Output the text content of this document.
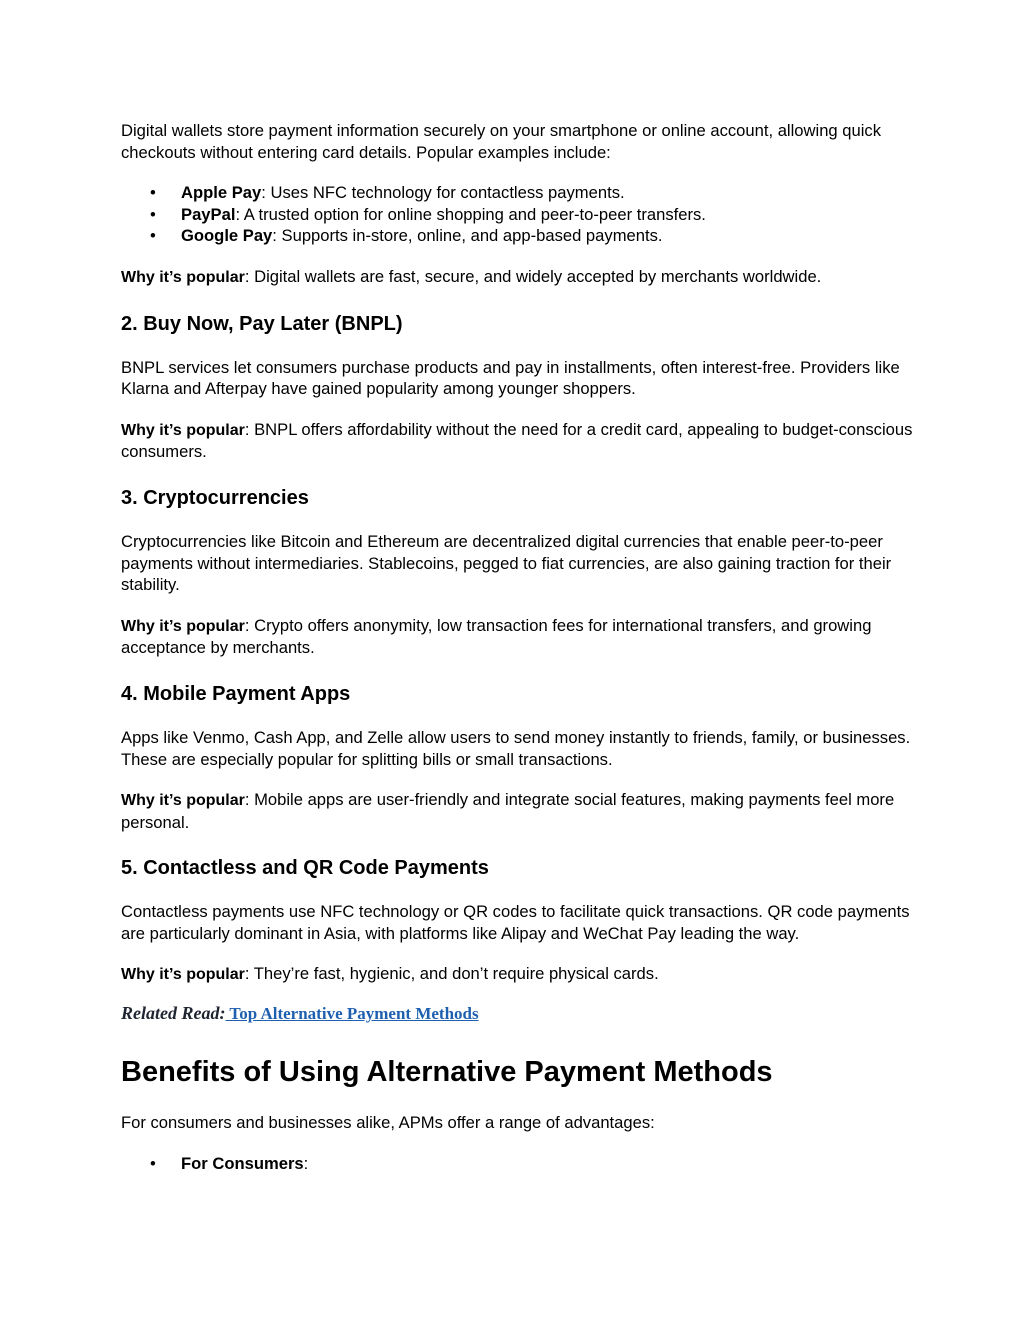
Digital wallets store payment information securely on your smartphone or online account, allowing quick checkouts without entering card details. Popular examples include:

• Apple Pay: Uses NFC technology for contactless payments.
• PayPal: A trusted option for online shopping and peer-to-peer transfers.
• Google Pay: Supports in-store, online, and app-based payments.

Why it’s popular: Digital wallets are fast, secure, and widely accepted by merchants worldwide.

2. Buy Now, Pay Later (BNPL)

BNPL services let consumers purchase products and pay in installments, often interest-free. Providers like Klarna and Afterpay have gained popularity among younger shoppers.

Why it’s popular: BNPL offers affordability without the need for a credit card, appealing to budget-conscious consumers.

3. Cryptocurrencies

Cryptocurrencies like Bitcoin and Ethereum are decentralized digital currencies that enable peer-to-peer payments without intermediaries. Stablecoins, pegged to fiat currencies, are also gaining traction for their stability.

Why it’s popular: Crypto offers anonymity, low transaction fees for international transfers, and growing acceptance by merchants.

4. Mobile Payment Apps

Apps like Venmo, Cash App, and Zelle allow users to send money instantly to friends, family, or businesses. These are especially popular for splitting bills or small transactions.

Why it’s popular: Mobile apps are user-friendly and integrate social features, making payments feel more personal.

5. Contactless and QR Code Payments

Contactless payments use NFC technology or QR codes to facilitate quick transactions. QR code payments are particularly dominant in Asia, with platforms like Alipay and WeChat Pay leading the way.

Why it’s popular: They’re fast, hygienic, and don’t require physical cards.

Related Read: Top Alternative Payment Methods

Benefits of Using Alternative Payment Methods

For consumers and businesses alike, APMs offer a range of advantages:

• For Consumers:
